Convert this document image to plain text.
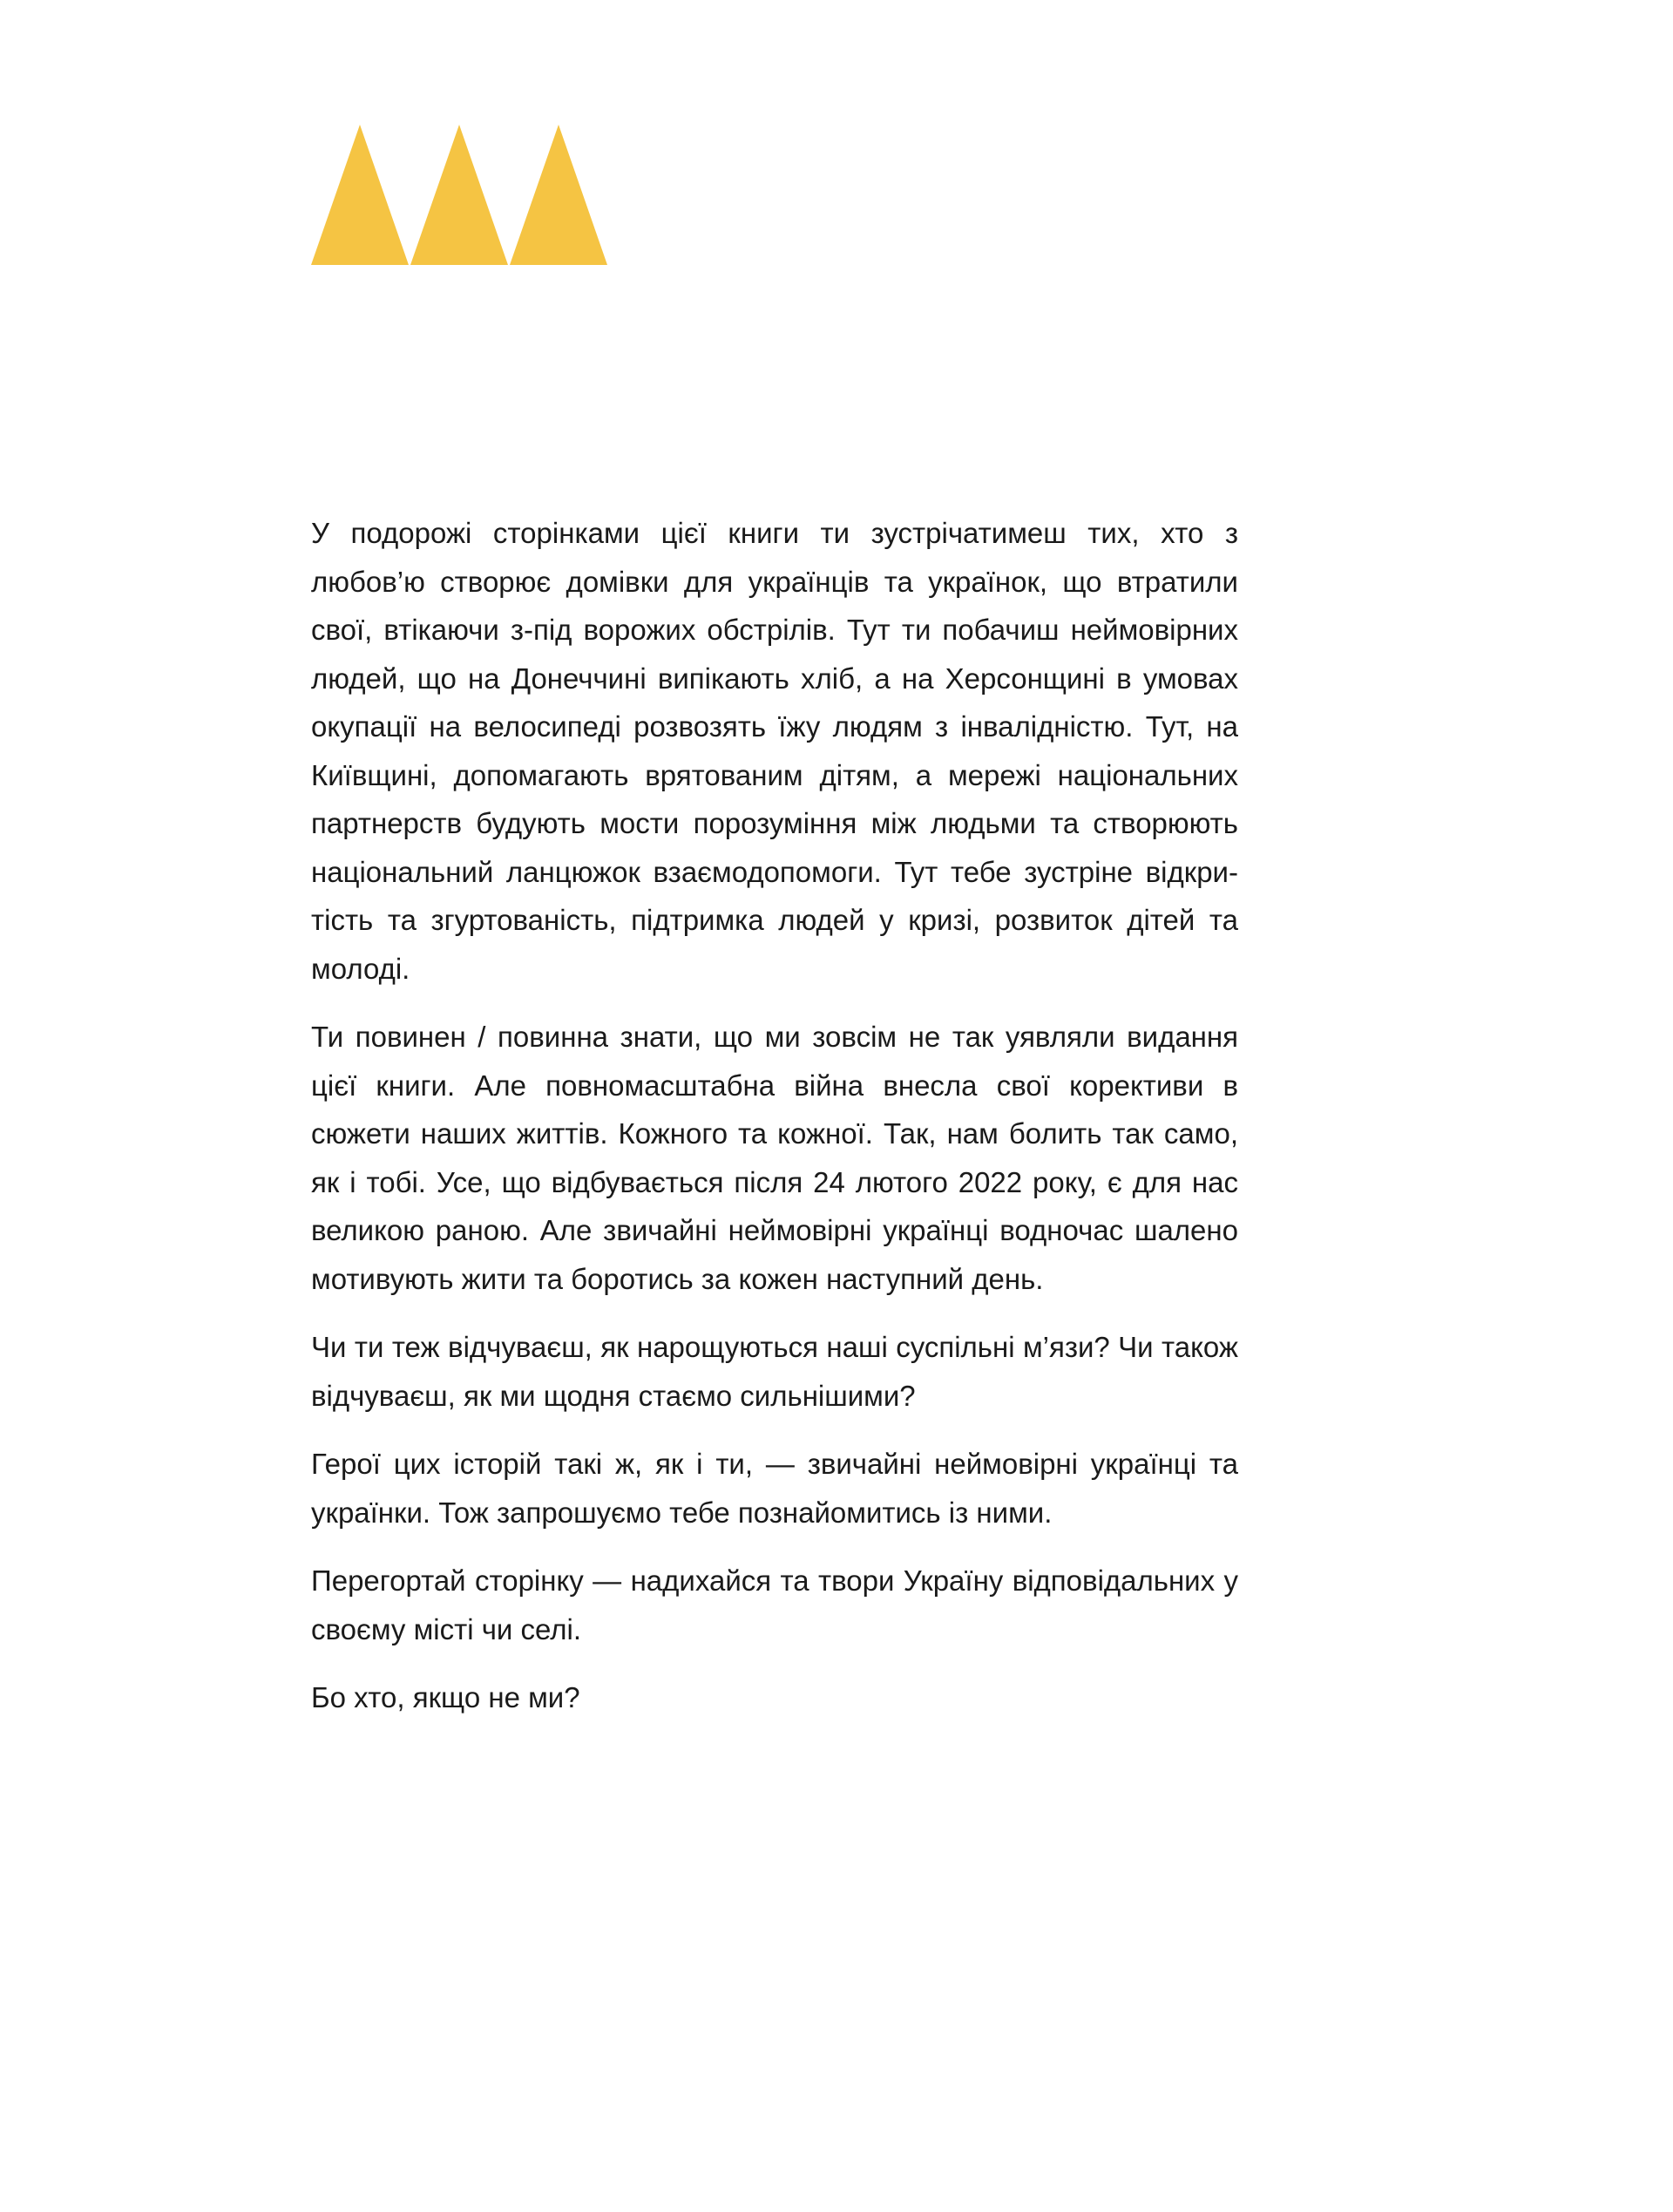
У подорожі сторінками цієї книги ти зустрічатимеш тих, хто з любов’ю створює домівки для українців та українок, що втратили свої, втікаючи з-під ворожих обстрілів. Тут ти побачиш неймовірних людей, що на Донеччині випікають хліб, а на Херсонщині в умовах окупації на велосипеді розвозять їжу людям з інвалідністю. Тут, на Київщині, допомагають врятованим дітям, а мережі національних партнерств будують мости порозуміння між людьми та створюють національний ланцюжок взаємодопомоги. Тут тебе зустріне відкритість та згуртованість, підтримка людей у кризі, розвиток дітей та молоді.

Ти повинен / повинна знати, що ми зовсім не так уявляли видання цієї книги. Але повномасштабна війна внесла свої корективи в сюжети наших життів. Кожного та кожної. Так, нам болить так само, як і тобі. Усе, що відбувається після 24 лютого 2022 року, є для нас великою раною. Але звичайні неймовірні українці водночас шалено мотивують жити та боротись за кожен наступний день.

Чи ти теж відчуваєш, як нарощуються наші суспільні м’язи? Чи також відчуваєш, як ми щодня стаємо сильнішими?

Герої цих історій такі ж, як і ти, — звичайні неймовірні українці та українки. Тож запрошуємо тебе познайомитись із ними.

Перегортай сторінку — надихайся та твори Україну відповідальних у своєму місті чи селі.

Бо хто, якщо не ми?
